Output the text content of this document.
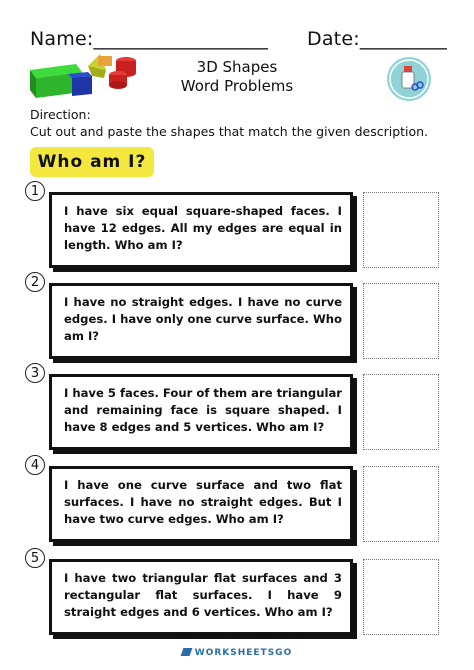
Name:__________________ Date:_________
3D Shapes
Word Problems
Direction:
Cut out and paste the shapes that match the given description.
Who am I?
1
I have six equal square-shaped faces. I have 12 edges. All my edges are equal in length. Who am I?
2
I have no straight edges. I have no curve edges. I have only one curve surface. Who am I?
3
I have 5 faces. Four of them are triangular and remaining face is square shaped. I have 8 edges and 5 vertices. Who am I?
4
I have one curve surface and two flat surfaces. I have no straight edges. But I have two curve edges. Who am I?
5
I have two triangular flat surfaces and 3 rectangular flat surfaces. I have 9 straight edges and 6 vertices. Who am I?
WORKSHEETSGO
